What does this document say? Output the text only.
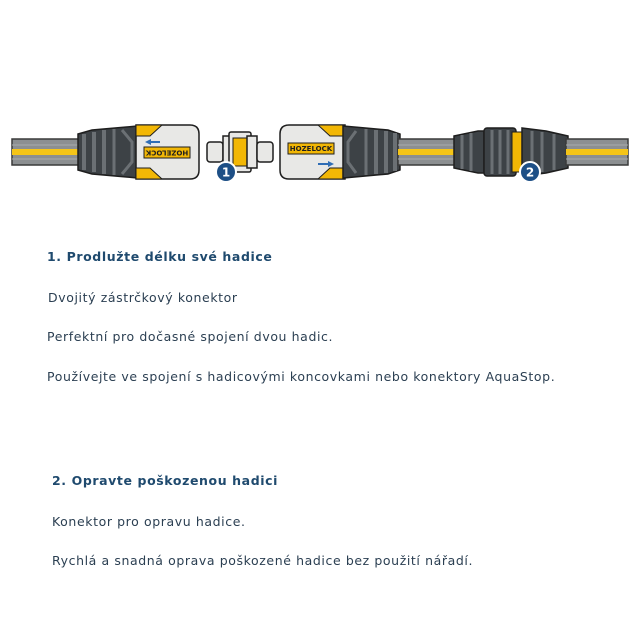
HOZELOCK
1
HOZELOCK
2
1. Prodlužte délku své hadice
Dvojitý zástrčkový konektor
Perfektní pro dočasné spojení dvou hadic.
Používejte ve spojení s hadicovými koncovkami nebo konektory AquaStop.
2. Opravte poškozenou hadici
Konektor pro opravu hadice.
Rychlá a snadná oprava poškozené hadice bez použití nářadí.
